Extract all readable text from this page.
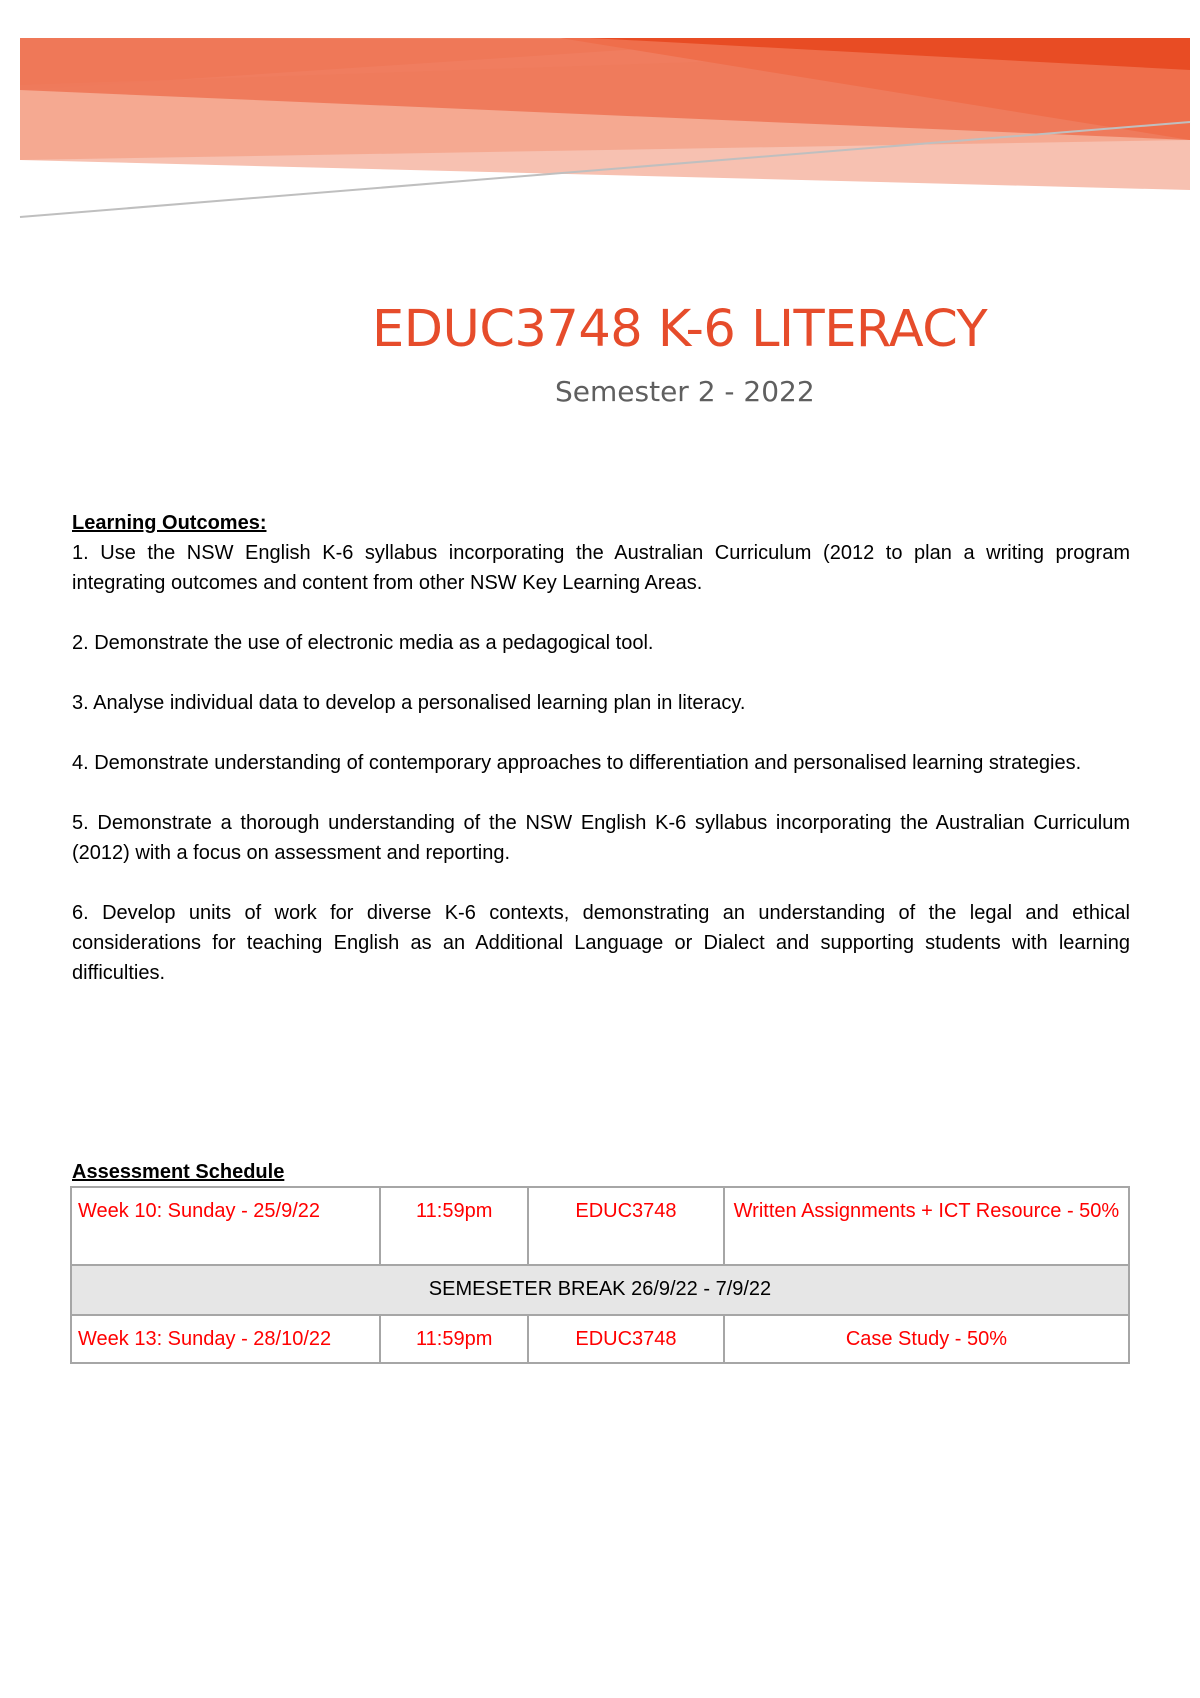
EDUC3748 K-6 LITERACY
Semester 2 - 2022
Learning Outcomes:

1. Use the NSW English K-6 syllabus incorporating the Australian Curriculum (2012 to plan a writing program integrating outcomes and content from other NSW Key Learning Areas.

2. Demonstrate the use of electronic media as a pedagogical tool.

3. Analyse individual data to develop a personalised learning plan in literacy.

4. Demonstrate understanding of contemporary approaches to differentiation and personalised learning strategies.

5. Demonstrate a thorough understanding of the NSW English K-6 syllabus incorporating the Australian Curriculum (2012) with a focus on assessment and reporting.

6. Develop units of work for diverse K-6 contexts, demonstrating an understanding of the legal and ethical considerations for teaching English as an Additional Language or Dialect and supporting students with learning difficulties.

Assessment Schedule
Week 10: Sunday - 25/9/22	11:59pm	EDUC3748	Written Assignments + ICT Resource - 50%
SEMESETER BREAK 26/9/22 - 7/9/22			
Week 13: Sunday - 28/10/22	11:59pm	EDUC3748	Case Study - 50%
